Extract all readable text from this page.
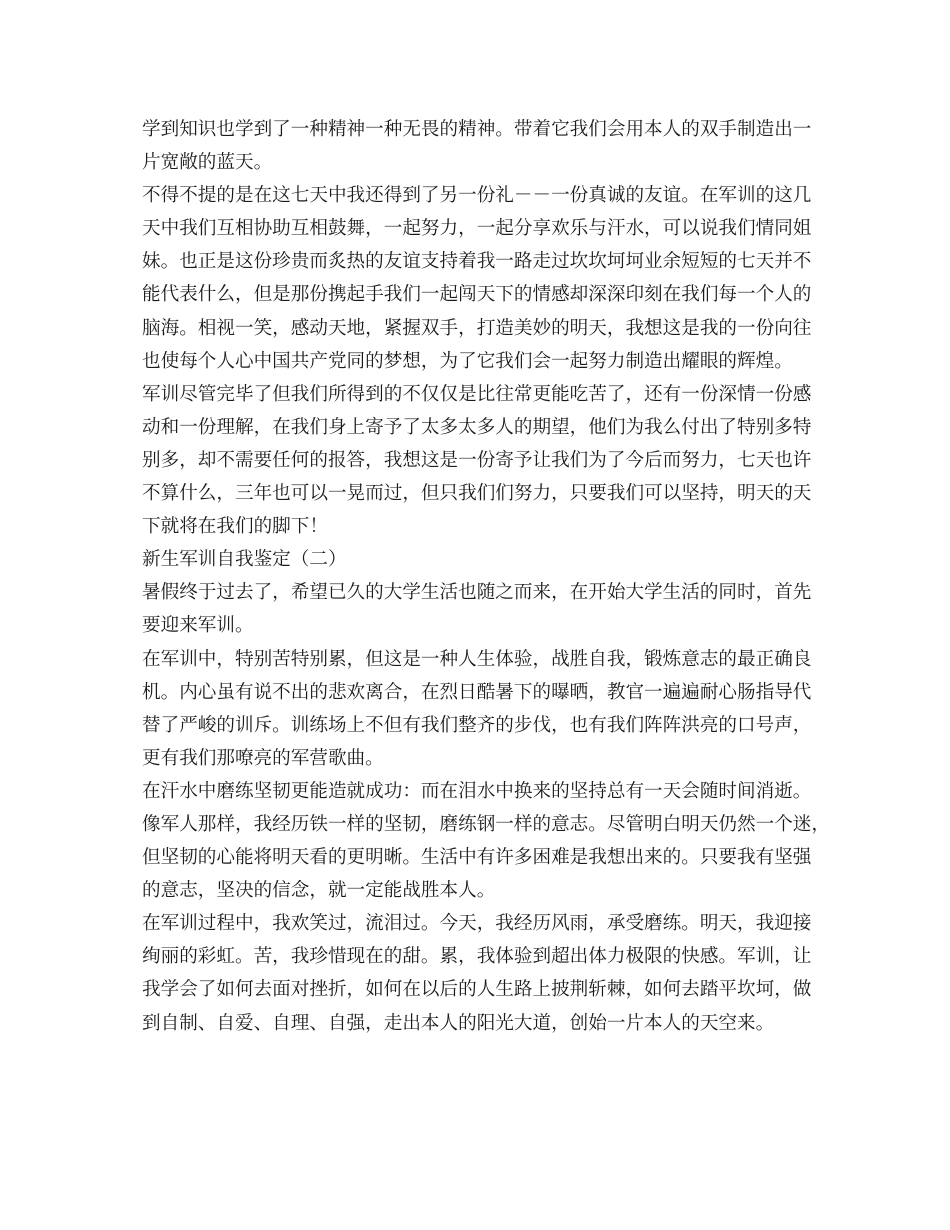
学到知识也学到了一种精神一种无畏的精神。带着它我们会用本人的双手制造出一
片宽敞的蓝天。

不得不提的是在这七天中我还得到了另一份礼－－一份真诚的友谊。在军训的这几
天中我们互相协助互相鼓舞，一起努力，一起分享欢乐与汗水，可以说我们情同姐
妹。也正是这份珍贵而炙热的友谊支持着我一路走过坎坎坷坷业余短短的七天并不
能代表什么，但是那份携起手我们一起闯天下的情感却深深印刻在我们每一个人的
脑海。相视一笑，感动天地，紧握双手，打造美妙的明天，我想这是我的一份向往
也使每个人心中国共产党同的梦想，为了它我们会一起努力制造出耀眼的辉煌。

军训尽管完毕了但我们所得到的不仅仅是比往常更能吃苦了，还有一份深情一份感
动和一份理解，在我们身上寄予了太多太多人的期望，他们为我么付出了特别多特
别多，却不需要任何的报答，我想这是一份寄予让我们为了今后而努力，七天也许
不算什么，三年也可以一晃而过，但只我们们努力，只要我们可以坚持，明天的天
下就将在我们的脚下！

新生军训自我鉴定（二）

暑假终于过去了，希望已久的大学生活也随之而来，在开始大学生活的同时，首先
要迎来军训。

在军训中，特别苦特别累，但这是一种人生体验，战胜自我，锻炼意志的最正确良
机。内心虽有说不出的悲欢离合，在烈日酷暑下的曝晒，教官一遍遍耐心肠指导代
替了严峻的训斥。训练场上不但有我们整齐的步伐，也有我们阵阵洪亮的口号声，
更有我们那嘹亮的军营歌曲。

在汗水中磨练坚韧更能造就成功：而在泪水中换来的坚持总有一天会随时间消逝。
像军人那样，我经历铁一样的坚韧，磨练钢一样的意志。尽管明白明天仍然一个迷，
但坚韧的心能将明天看的更明晰。生活中有许多困难是我想出来的。只要我有坚强
的意志，坚决的信念，就一定能战胜本人。

在军训过程中，我欢笑过，流泪过。今天，我经历风雨，承受磨练。明天，我迎接
绚丽的彩虹。苦，我珍惜现在的甜。累，我体验到超出体力极限的快感。军训，让
我学会了如何去面对挫折，如何在以后的人生路上披荆斩棘，如何去踏平坎坷，做
到自制、自爱、自理、自强，走出本人的阳光大道，创始一片本人的天空来。
